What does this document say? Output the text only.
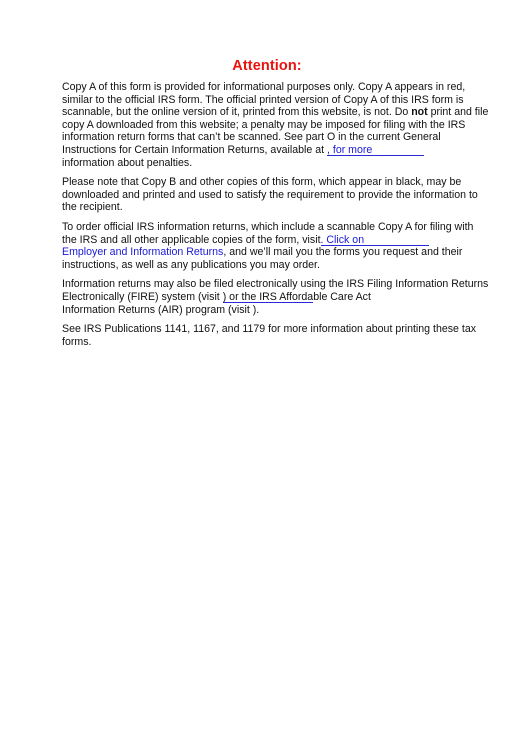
Attention:
Copy A of this form is provided for informational purposes only. Copy A appears in red,
similar to the official IRS form. The official printed version of Copy A of this IRS form is
scannable, but the online version of it, printed from this website, is not. Do not print and file
copy A downloaded from this website; a penalty may be imposed for filing with the IRS
information return forms that can’t be scanned. See part O in the current General
Instructions for Certain Information Returns, available at , for more
information about penalties.
Please note that Copy B and other copies of this form, which appear in black, may be
downloaded and printed and used to satisfy the requirement to provide the information to
the recipient.
To order official IRS information returns, which include a scannable Copy A for filing with
the IRS and all other applicable copies of the form, visit. Click on
Employer and Information Returns, and we’ll mail you the forms you request and their
instructions, as well as any publications you may order.
Information returns may also be filed electronically using the IRS Filing Information Returns
Electronically (FIRE) system (visit ) or the IRS Affordable Care Act
Information Returns (AIR) program (visit ).
See IRS Publications 1141, 1167, and 1179 for more information about printing these tax
forms.
